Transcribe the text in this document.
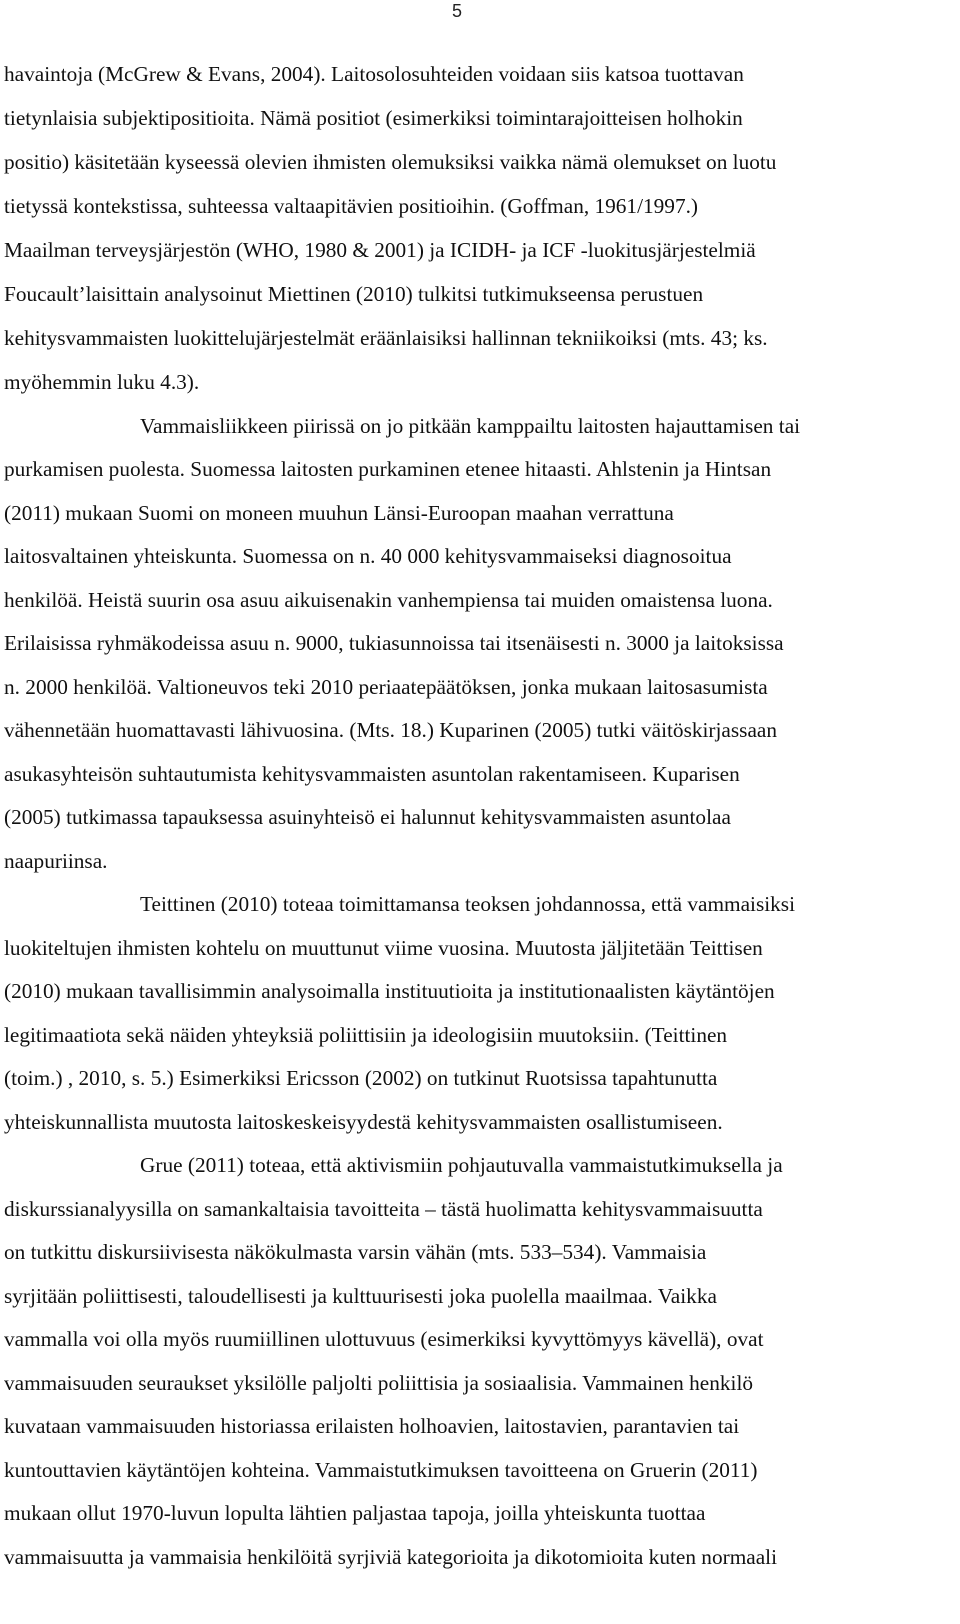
5
havaintoja (McGrew & Evans, 2004). Laitosolosuhteiden voidaan siis katsoa tuottavan
tietynlaisia subjektipositioita. Nämä positiot (esimerkiksi toimintarajoitteisen holhokin
positio) käsitetään kyseessä olevien ihmisten olemuksiksi vaikka nämä olemukset on luotu
tietyssä kontekstissa, suhteessa valtaapitävien positioihin. (Goffman, 1961/1997.)
Maailman terveysjärjestön (WHO, 1980 & 2001) ja ICIDH- ja ICF -luokitusjärjestelmiä
Foucault’laisittain analysoinut Miettinen (2010) tulkitsi tutkimukseensa perustuen
kehitysvammaisten luokittelujärjestelmät eräänlaisiksi hallinnan tekniikoiksi (mts. 43; ks.
myöhemmin luku 4.3).
Vammaisliikkeen piirissä on jo pitkään kamppailtu laitosten hajauttamisen tai
purkamisen puolesta. Suomessa laitosten purkaminen etenee hitaasti. Ahlstenin ja Hintsan
(2011) mukaan Suomi on moneen muuhun Länsi-Euroopan maahan verrattuna
laitosvaltainen yhteiskunta. Suomessa on n. 40 000 kehitysvammaiseksi diagnosoitua
henkilöä. Heistä suurin osa asuu aikuisenakin vanhempiensa tai muiden omaistensa luona.
Erilaisissa ryhmäkodeissa asuu n. 9000, tukiasunnoissa tai itsenäisesti n. 3000 ja laitoksissa
n. 2000 henkilöä. Valtioneuvos teki 2010 periaatepäätöksen, jonka mukaan laitosasumista
vähennetään huomattavasti lähivuosina. (Mts. 18.) Kuparinen (2005) tutki väitöskirjassaan
asukasyhteisön suhtautumista kehitysvammaisten asuntolan rakentamiseen. Kuparisen
(2005) tutkimassa tapauksessa asuinyhteisö ei halunnut kehitysvammaisten asuntolaa
naapuriinsa.
Teittinen (2010) toteaa toimittamansa teoksen johdannossa, että vammaisiksi
luokiteltujen ihmisten kohtelu on muuttunut viime vuosina. Muutosta jäljitetään Teittisen
(2010) mukaan tavallisimmin analysoimalla instituutioita ja institutionaalisten käytäntöjen
legitimaatiota sekä näiden yhteyksiä poliittisiin ja ideologisiin muutoksiin. (Teittinen
(toim.) , 2010, s. 5.) Esimerkiksi Ericsson (2002) on tutkinut Ruotsissa tapahtunutta
yhteiskunnallista muutosta laitoskeskeisyydestä kehitysvammaisten osallistumiseen.
Grue (2011) toteaa, että aktivismiin pohjautuvalla vammaistutkimuksella ja
diskurssianalyysilla on samankaltaisia tavoitteita – tästä huolimatta kehitysvammaisuutta
on tutkittu diskursiivisesta näkökulmasta varsin vähän (mts. 533–534). Vammaisia
syrjitään poliittisesti, taloudellisesti ja kulttuurisesti joka puolella maailmaa. Vaikka
vammalla voi olla myös ruumiillinen ulottuvuus (esimerkiksi kyvyttömyys kävellä), ovat
vammaisuuden seuraukset yksilölle paljolti poliittisia ja sosiaalisia. Vammainen henkilö
kuvataan vammaisuuden historiassa erilaisten holhoavien, laitostavien, parantavien tai
kuntouttavien käytäntöjen kohteina. Vammaistutkimuksen tavoitteena on Gruerin (2011)
mukaan ollut 1970-luvun lopulta lähtien paljastaa tapoja, joilla yhteiskunta tuottaa
vammaisuutta ja vammaisia henkilöitä syrjiviä kategorioita ja dikotomioita kuten normaali
